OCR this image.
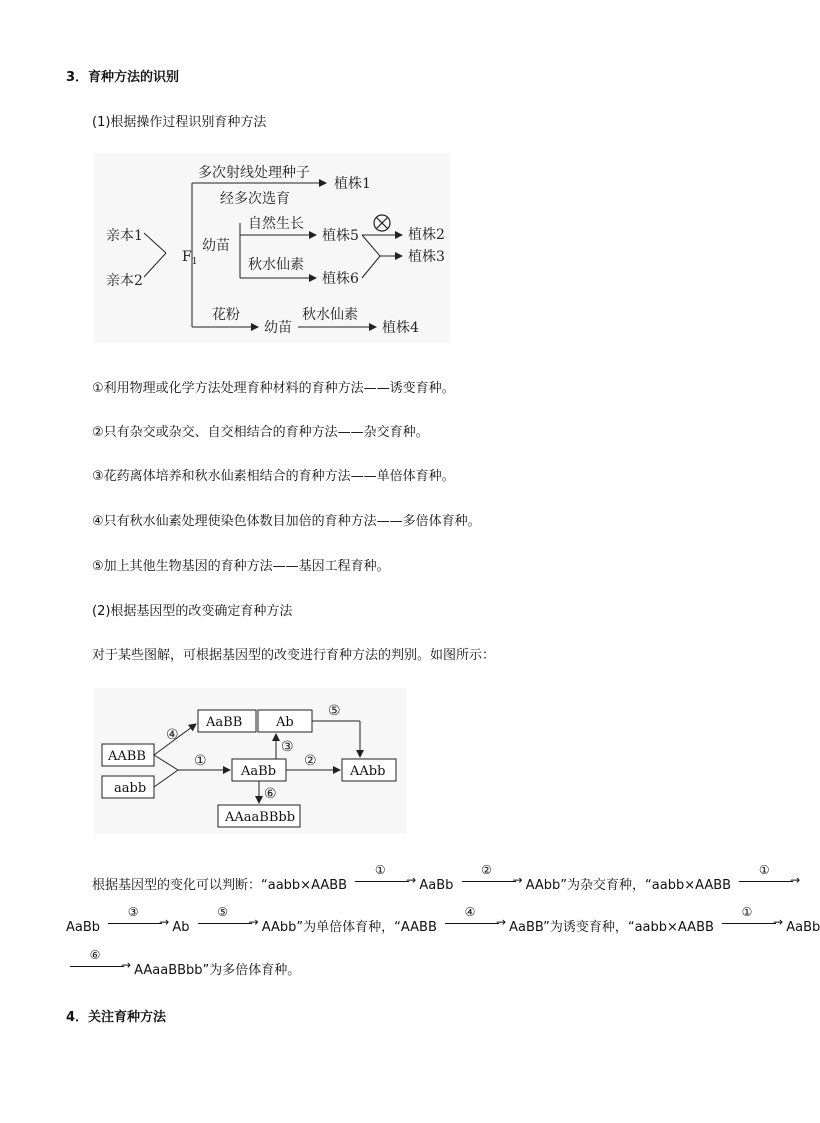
3．育种方法的识别
(1)根据操作过程识别育种方法
亲本1
亲本2
$F_1$
多次射线处理种子
经多次选育
植株1
幼苗
自然生长
秋水仙素
植株5
植株6
植株2
植株3
花粉
幼苗
秋水仙素
植株4
①利用物理或化学方法处理育种材料的育种方法——诱变育种。
②只有杂交或杂交、自交相结合的育种方法——杂交育种。
③花药离体培养和秋水仙素相结合的育种方法——单倍体育种。
④只有秋水仙素处理使染色体数目加倍的育种方法——多倍体育种。
⑤加上其他生物基因的育种方法——基因工程育种。
(2)根据基因型的改变确定育种方法
对于某些图解，可根据基因型的改变进行育种方法的判别。如图所示：
AABB
aabb
AaBB	Ab
AaBb	AAbb
AAaaBBbb
④
①
③
②
⑤
⑥
根据基因型的变化可以判断：“aabb×AABB
①
→ AaBb
②
→ AAbb”为杂交育种，“aabb×AABB
①
→
AaBb
③
→ Ab
⑤
→ AAbb”为单倍体育种，“AABB
④
→ AaBB”为诱变育种，“aabb×AABB
①
→ AaBb
⑥
→ AAaaBBbb”为多倍体育种。
4．关注育种方法
